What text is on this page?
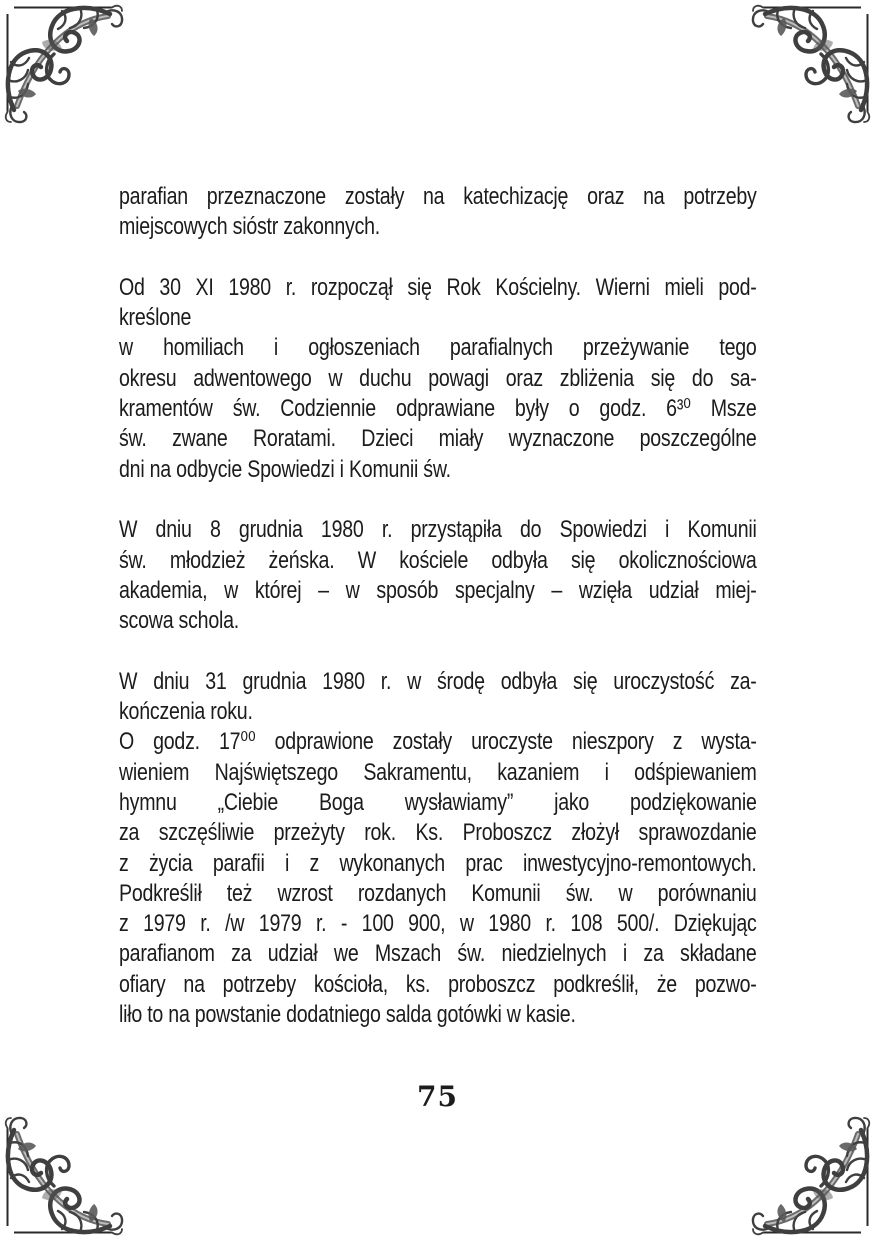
parafian przeznaczone zostały na katechizację oraz na potrzeby
miejscowych sióstr zakonnych.
Od 30 XI 1980 r. rozpoczął się Rok Kościelny. Wierni mieli pod-
kreślone
w homiliach i ogłoszeniach parafialnych przeżywanie tego
okresu adwentowego w duchu powagi oraz zbliżenia się do sa-
kramentów św. Codziennie odprawiane były o godz. 6³⁰ Msze
św. zwane Roratami. Dzieci miały wyznaczone poszczególne
dni na odbycie Spowiedzi i Komunii św.
W dniu 8 grudnia 1980 r. przystąpiła do Spowiedzi i Komunii
św. młodzież żeńska. W kościele odbyła się okolicznościowa
akademia, w której – w sposób specjalny – wzięła udział miej-
scowa schola.
W dniu 31 grudnia 1980 r. w środę odbyła się uroczystość za-
kończenia roku.
O godz. 17⁰⁰ odprawione zostały uroczyste nieszpory z wysta-
wieniem Najświętszego Sakramentu, kazaniem i odśpiewaniem
hymnu „Ciebie Boga wysławiamy” jako podziękowanie
za szczęśliwie przeżyty rok. Ks. Proboszcz złożył sprawozdanie
z życia parafii i z wykonanych prac inwestycyjno-remontowych.
Podkreślił też wzrost rozdanych Komunii św. w porównaniu
z 1979 r. /w 1979 r. - 100 900, w 1980 r. 108 500/. Dziękując
parafianom za udział we Mszach św. niedzielnych i za składane
ofiary na potrzeby kościoła, ks. proboszcz podkreślił, że pozwo-
liło to na powstanie dodatniego salda gotówki w kasie.
75
